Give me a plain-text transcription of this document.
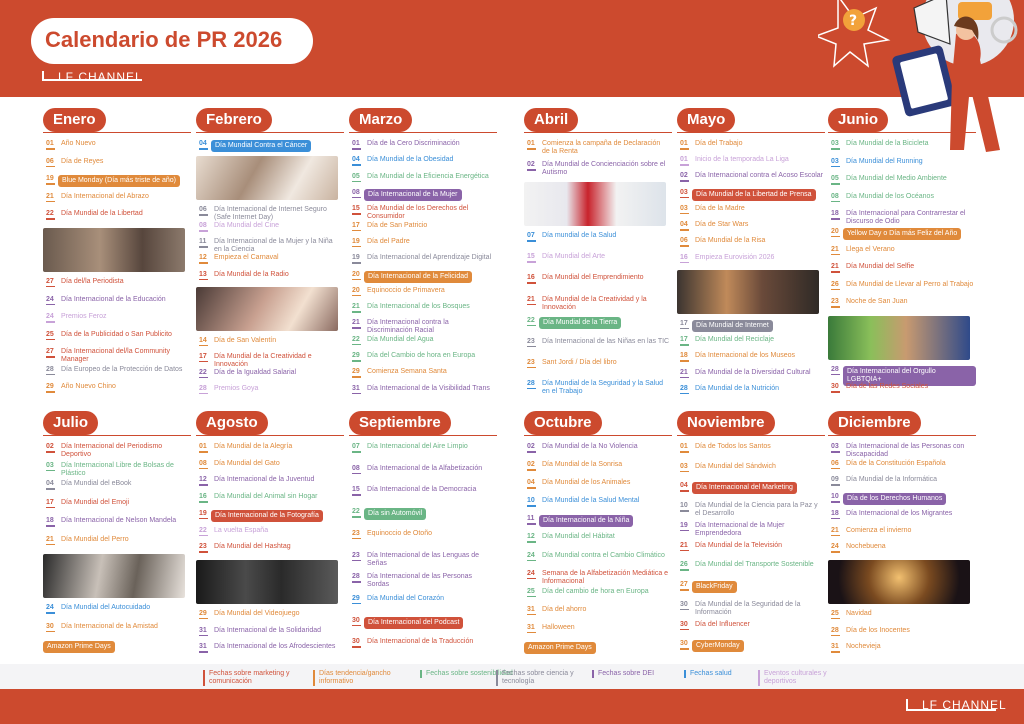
Calendario de PR 2026
LF CHANNEL
?
Enero
01	Año Nuevo
06	Día de Reyes
19 Blue Monday (Día más triste de año)
21	Día Internacional del Abrazo
22	Día Mundial de la Libertad
27	Día del/la Periodista
24	Día Internacional de la Educación
24	Premios Feroz
25	Día de la Publicidad o San Publicito
27	Día Internacional del/la Community Manager
28	Día Europeo de la Protección de Datos
29	Año Nuevo Chino
Febrero
04 Día Mundial Contra el Cáncer
06	Día Internacional de Internet Seguro (Safe Internet Day)
08	Día Mundial del Cine
11	Día Internacional de la Mujer y la Niña en la Ciencia
12	Empieza el Carnaval
13	Día Mundial de la Radio
14	Día de San Valentín
17	Día Mundial de la Creatividad e Innovación
22	Día de la Igualdad Salarial
28	Premios Goya
Marzo
01	Día de la Cero Discriminación
04	Día Mundial de la Obesidad
05	Día Mundial de la Eficiencia Energética
08 Día Internacional de la Mujer
15	Día Mundial de los Derechos del Consumidor
17	Día de San Patricio
19	Día del Padre
19	Día Internacional del Aprendizaje Digital
20 Día Internacional de la Felicidad
20	Equinoccio de Primavera
21	Día Internacional de los Bosques
21	Día Internacional contra la Discriminación Racial
22	Día Mundial del Agua
29	Día del Cambio de hora en Europa
29	Comienza Semana Santa
31	Día Internacional de la Visibilidad Trans
Abril
01	Comienza la campaña de Declaración de la Renta
02	Día Mundial de Concienciación sobre el Autismo
07	Día mundial de la Salud
15	Día Mundial del Arte
16	Día Mundial del Emprendimiento
21	Día Mundial de la Creatividad y la Innovación
22 Día Mundial de la Tierra
23	Día Internacional de las Niñas en las TIC
23	Sant Jordi / Día del libro
28	Día Mundial de la Seguridad y la Salud en el Trabajo
Mayo
01	Día del Trabajo
01	Inicio de la temporada La Liga
02	Día Internacional contra el Acoso Escolar
03 Día Mundial de la Libertad de Prensa
03	Día de la Madre
04	Día de Star Wars
06	Día Mundial de la Risa
16	Empieza Eurovisión 2026
17 Día Mundial de Internet
17	Día Mundial del Reciclaje
18	Día Internacional de los Museos
21	Día Mundial de la Diversidad Cultural
28	Día Mundial de la Nutrición
Junio
03	Día Mundial de la Bicicleta
03	Día Mundial del Running
05	Día Mundial del Medio Ambiente
08	Día Mundial de los Océanos
18	Día Internacional para Contrarrestar el Discurso de Odio
20 Yellow Day o Día más Feliz del Año
21	Llega el Verano
21	Día Mundial del Selfie
26	Día Mundial de Llevar al Perro al Trabajo
23	Noche de San Juan
28 Día Internacional del Orgullo LGBTQIA+
30	Día de las Redes Sociales
Julio
02	Día Internacional del Periodismo Deportivo
03	Día Internacional Libre de Bolsas de Plástico
04	Día Mundial del eBook
17	Día Mundial del Emoji
18	Día Internacional de Nelson Mandela
21	Día Mundial del Perro
24	Día Mundial del Autocuidado
30	Día Internacional de la Amistad
Amazon Prime Days
Agosto
01	Día Mundial de la Alegría
08	Día Mundial del Gato
12	Día Internacional de la Juventud
16	Día Mundial del Animal sin Hogar
19 Día Internacional de la Fotografía
22	La vuelta España
23	Día Mundial del Hashtag
29	Día Mundial del Videojuego
31	Día Internacional de la Solidaridad
31	Día Internacional de los Afrodescientes
Septiembre
07	Día Internacional del Aire Limpio
08	Día Internacional de la Alfabetización
15	Día Internacional de la Democracia
22 Día sin Automóvil
23	Equinoccio de Otoño
23	Día Internacional de las Lenguas de Señas
28	Día Internacional de las Personas Sordas
29	Día Mundial del Corazón
30 Día Internacional del Podcast
30	Día Internacional de la Traducción
Octubre
02	Día Mundial de la No Violencia
02	Día Mundial de la Sonrisa
04	Día Mundial de los Animales
10	Día Mundial de la Salud Mental
11 Día Internacional de la Niña
12	Día Mundial del Hábitat
24	Día Mundial contra el Cambio Climático
24	Semana de la Alfabetización Mediática e Informacional
25	Día del cambio de hora en Europa
31	Día del ahorro
31	Halloween
Amazon Prime Days
Noviembre
01	Día de Todos los Santos
03	Día Mundial del Sándwich
04 Día Internacional del Marketing
10	Día Mundial de la Ciencia para la Paz y el Desarrollo
19	Día Internacional de la Mujer Emprendedora
21	Día Mundial de la Televisión
26	Día Mundial del Transporte Sostenible
27 BlackFriday
30	Día Mundial de la Seguridad de la Información
30	Día del Influencer
30 CyberMonday
Diciembre
03	Día Internacional de las Personas con Discapacidad
06	Día de la Constitución Española
09	Día Mundial de la Informática
10 Día de los Derechos Humanos
18	Día Internacional de los Migrantes
21	Comienza el invierno
24	Nochebuena
25	Navidad
28	Día de los Inocentes
31	Nochevieja
Fechas sobre marketing y comunicación
Días tendencia/gancho informativo
Fechas sobre sostenibilidad
Fechas sobre ciencia y tecnología
Fechas sobre DEI	Fechas salud	Eventos culturales y deportivos
LF CHANNEL
